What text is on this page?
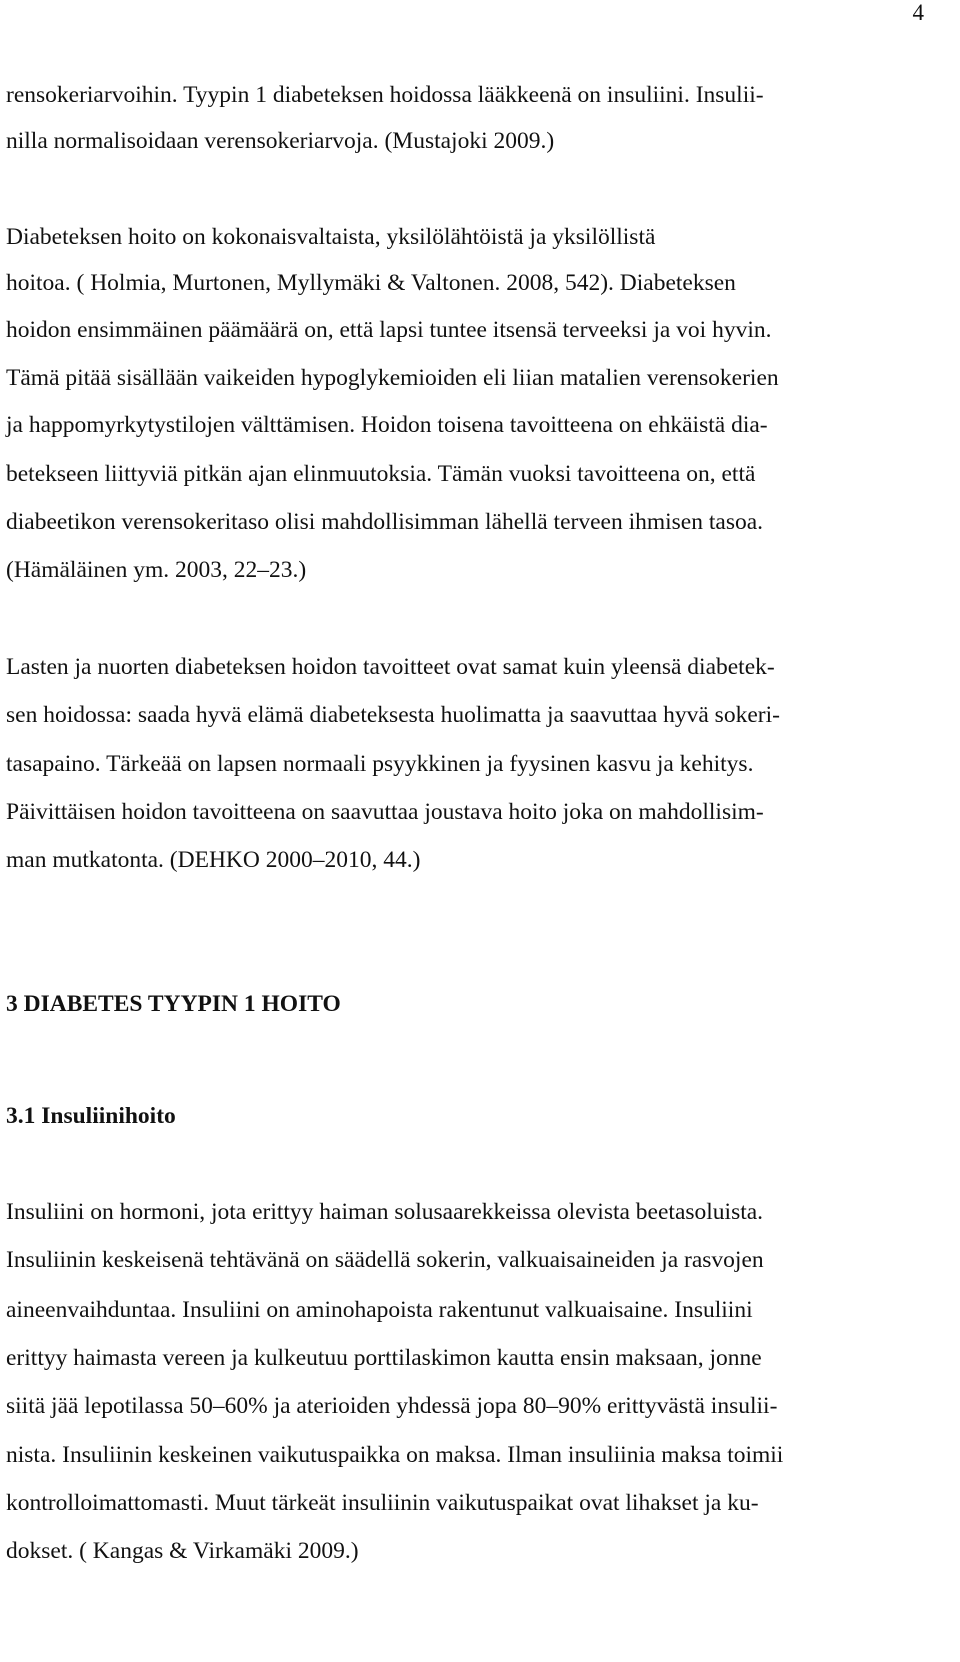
4
rensokeriarvoihin. Tyypin 1 diabeteksen hoidossa lääkkeenä on insuliini. Insulii-
nilla normalisoidaan verensokeriarvoja. (Mustajoki 2009.)
Diabeteksen hoito on kokonaisvaltaista, yksilölähtöistä ja yksilöllistä
hoitoa. ( Holmia, Murtonen, Myllymäki & Valtonen. 2008, 542). Diabeteksen
hoidon ensimmäinen päämäärä on, että lapsi tuntee itsensä terveeksi ja voi hyvin.
Tämä pitää sisällään vaikeiden hypoglykemioiden eli liian matalien verensokerien
ja happomyrkytystilojen välttämisen. Hoidon toisena tavoitteena on ehkäistä dia-
betekseen liittyviä pitkän ajan elinmuutoksia. Tämän vuoksi tavoitteena on, että
diabeetikon verensokeritaso olisi mahdollisimman lähellä terveen ihmisen tasoa.
(Hämäläinen ym. 2003, 22–23.)
Lasten ja nuorten diabeteksen hoidon tavoitteet ovat samat kuin yleensä diabetek-
sen hoidossa: saada hyvä elämä diabeteksesta huolimatta ja saavuttaa hyvä sokeri-
tasapaino. Tärkeää on lapsen normaali psyykkinen ja fyysinen kasvu ja kehitys.
Päivittäisen hoidon tavoitteena on saavuttaa joustava hoito joka on mahdollisim-
man mutkatonta. (DEHKO 2000–2010, 44.)
3 DIABETES TYYPIN 1 HOITO
3.1 Insuliinihoito
Insuliini on hormoni, jota erittyy haiman solusaarekkeissa olevista beetasoluista.
Insuliinin keskeisenä tehtävänä on säädellä sokerin, valkuaisaineiden ja rasvojen
aineenvaihduntaa. Insuliini on aminohapoista rakentunut valkuaisaine. Insuliini
erittyy haimasta vereen ja kulkeutuu porttilaskimon kautta ensin maksaan, jonne
siitä jää lepotilassa 50–60% ja aterioiden yhdessä jopa 80–90% erittyvästä insulii-
nista. Insuliinin keskeinen vaikutuspaikka on maksa. Ilman insuliinia maksa toimii
kontrolloimattomasti. Muut tärkeät insuliinin vaikutuspaikat ovat lihakset ja ku-
dokset. ( Kangas & Virkamäki 2009.)
